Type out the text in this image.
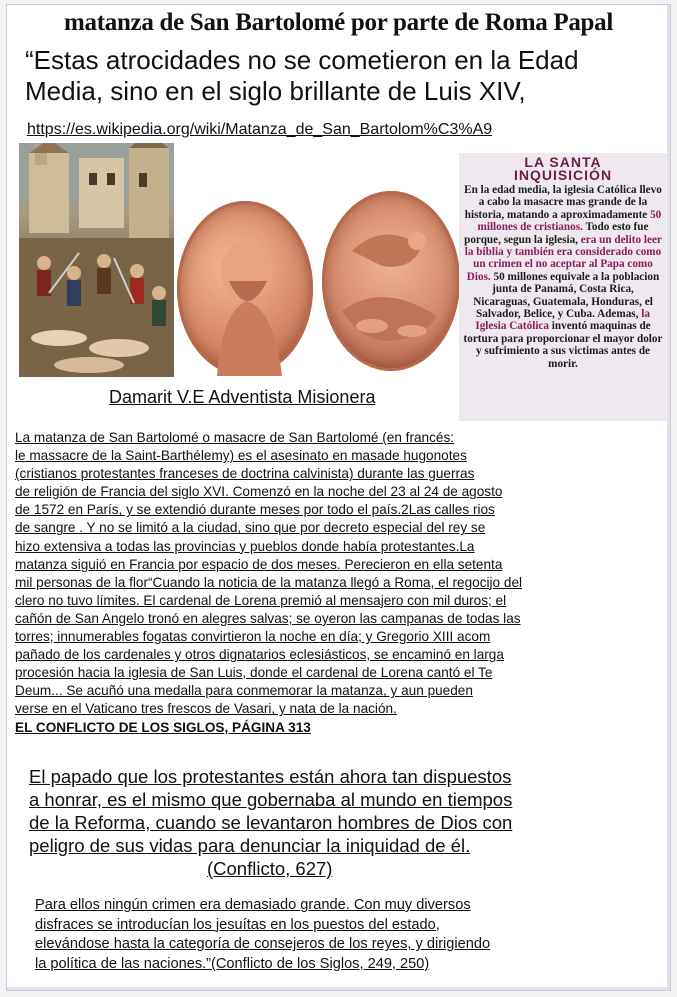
matanza de San Bartolomé por parte de Roma Papal
“Estas atrocidades no se cometieron en la Edad
Media, sino en el siglo brillante de Luis XIV,
https://es.wikipedia.org/wiki/Matanza_de_San_Bartolom%C3%A9
Damarit V.E Adventista Misionera
LA SANTA
INQUISICIÓN
En la edad media, la iglesia Católica llevo a cabo la masacre mas grande de la historia, matando a aproximadamente 50 millones de cristianos. Todo esto fue porque, segun la iglesia, era un delito leer la biblia y también era considerado como un crimen el no aceptar al Papa como Dios. 50 millones equivale a la poblacion junta de Panamá, Costa Rica, Nicaraguas, Guatemala, Honduras, el Salvador, Belice, y Cuba. Ademas, la Iglesia Católica inventó maquinas de tortura para proporcionar el mayor dolor y sufrimiento a sus victimas antes de morir.
La matanza de San Bartolomé o masacre de San Bartolomé (en francés:
le massacre de la Saint-Barthélemy) es el asesinato en masade hugonotes
(cristianos protestantes franceses de doctrina calvinista) durante las guerras
de religión de Francia del siglo XVI. Comenzó en la noche del 23 al 24 de agosto
de 1572 en París, y se extendió durante meses por todo el país.2Las calles rios
de sangre . Y no se limitó a la ciudad, sino que por decreto especial del rey se
hizo extensiva a todas las provincias y pueblos donde había protestantes.La
matanza siguió en Francia por espacio de dos meses. Perecieron en ella setenta
mil personas de la flor“Cuando la noticia de la matanza llegó a Roma, el regocijo del
clero no tuvo límites. El cardenal de Lorena premió al mensajero con mil duros; el
cañón de San Angelo tronó en alegres salvas; se oyeron las campanas de todas las
torres; innumerables fogatas convirtieron la noche en día; y Gregorio XIII acom
pañado de los cardenales y otros dignatarios eclesiásticos, se encaminó en larga
procesión hacia la iglesia de San Luis, donde el cardenal de Lorena cantó el Te
Deum... Se acuñó una medalla para conmemorar la matanza, y aun pueden
verse en el Vaticano tres frescos de Vasari, y nata de la nación.
EL CONFLICTO DE LOS SIGLOS, PÁGINA 313
El papado que los protestantes están ahora tan dispuestos
a honrar, es el mismo que gobernaba al mundo en tiempos
de la Reforma, cuando se levantaron hombres de Dios con
peligro de sus vidas para denunciar la iniquidad de él.
(Conflicto, 627)
Para ellos ningún crimen era demasiado grande. Con muy diversos
disfraces se introducían los jesuítas en los puestos del estado,
elevándose hasta la categoría de consejeros de los reyes, y dirigiendo
la política de las naciones.”(Conflicto de los Siglos, 249, 250)
